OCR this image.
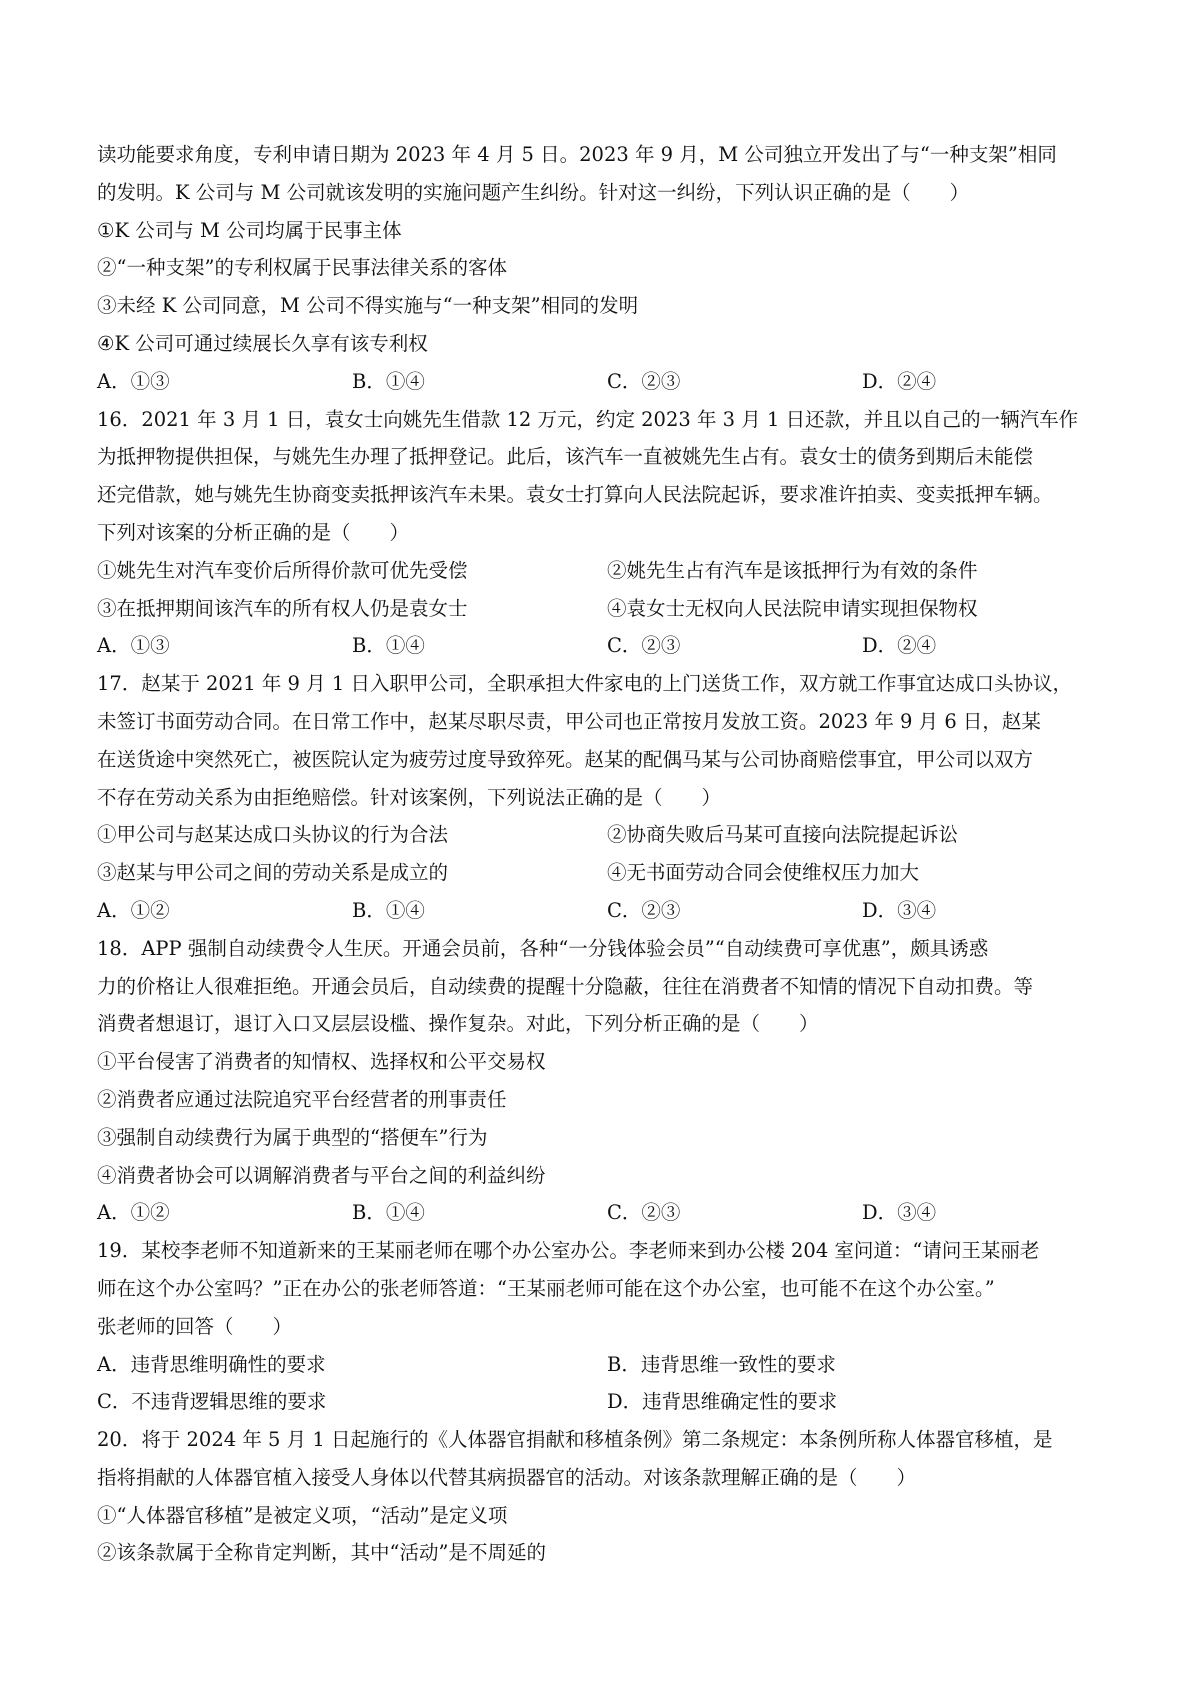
读功能要求角度，专利申请日期为 2023 年 4 月 5 日。2023 年 9 月，M 公司独立开发出了与“一种支架”相同
的发明。K 公司与 M 公司就该发明的实施问题产生纠纷。针对这一纠纷，下列认识正确的是（　　）
①K 公司与 M 公司均属于民事主体
②“一种支架”的专利权属于民事法律关系的客体
③未经 K 公司同意，M 公司不得实施与“一种支架”相同的发明
④K 公司可通过续展长久享有该专利权
A．①③	B．①④	C．②③	D．②④
16．2021 年 3 月 1 日，袁女士向姚先生借款 12 万元，约定 2023 年 3 月 1 日还款，并且以自己的一辆汽车作
为抵押物提供担保，与姚先生办理了抵押登记。此后，该汽车一直被姚先生占有。袁女士的债务到期后未能偿
还完借款，她与姚先生协商变卖抵押该汽车未果。袁女士打算向人民法院起诉，要求准许拍卖、变卖抵押车辆。
下列对该案的分析正确的是（　　）
①姚先生对汽车变价后所得价款可优先受偿	②姚先生占有汽车是该抵押行为有效的条件
③在抵押期间该汽车的所有权人仍是袁女士	④袁女士无权向人民法院申请实现担保物权
A．①③	B．①④	C．②③	D．②④
17．赵某于 2021 年 9 月 1 日入职甲公司，全职承担大件家电的上门送货工作，双方就工作事宜达成口头协议，
未签订书面劳动合同。在日常工作中，赵某尽职尽责，甲公司也正常按月发放工资。2023 年 9 月 6 日，赵某
在送货途中突然死亡，被医院认定为疲劳过度导致猝死。赵某的配偶马某与公司协商赔偿事宜，甲公司以双方
不存在劳动关系为由拒绝赔偿。针对该案例，下列说法正确的是（　　）
①甲公司与赵某达成口头协议的行为合法	②协商失败后马某可直接向法院提起诉讼
③赵某与甲公司之间的劳动关系是成立的	④无书面劳动合同会使维权压力加大
A．①②	B．①④	C．②③	D．③④
18．APP 强制自动续费令人生厌。开通会员前，各种“一分钱体验会员”“自动续费可享优惠”，颇具诱惑
力的价格让人很难拒绝。开通会员后，自动续费的提醒十分隐蔽，往往在消费者不知情的情况下自动扣费。等
消费者想退订，退订入口又层层设槛、操作复杂。对此，下列分析正确的是（　　）
①平台侵害了消费者的知情权、选择权和公平交易权
②消费者应通过法院追究平台经营者的刑事责任
③强制自动续费行为属于典型的“搭便车”行为
④消费者协会可以调解消费者与平台之间的利益纠纷
A．①②	B．①④	C．②③	D．③④
19．某校李老师不知道新来的王某丽老师在哪个办公室办公。李老师来到办公楼 204 室问道：“请问王某丽老
师在这个办公室吗？”正在办公的张老师答道：“王某丽老师可能在这个办公室，也可能不在这个办公室。”
张老师的回答（　　）
A．违背思维明确性的要求	B．违背思维一致性的要求
C．不违背逻辑思维的要求	D．违背思维确定性的要求
20．将于 2024 年 5 月 1 日起施行的《人体器官捐献和移植条例》第二条规定：本条例所称人体器官移植，是
指将捐献的人体器官植入接受人身体以代替其病损器官的活动。对该条款理解正确的是（　　）
①“人体器官移植”是被定义项，“活动”是定义项
②该条款属于全称肯定判断，其中“活动”是不周延的
